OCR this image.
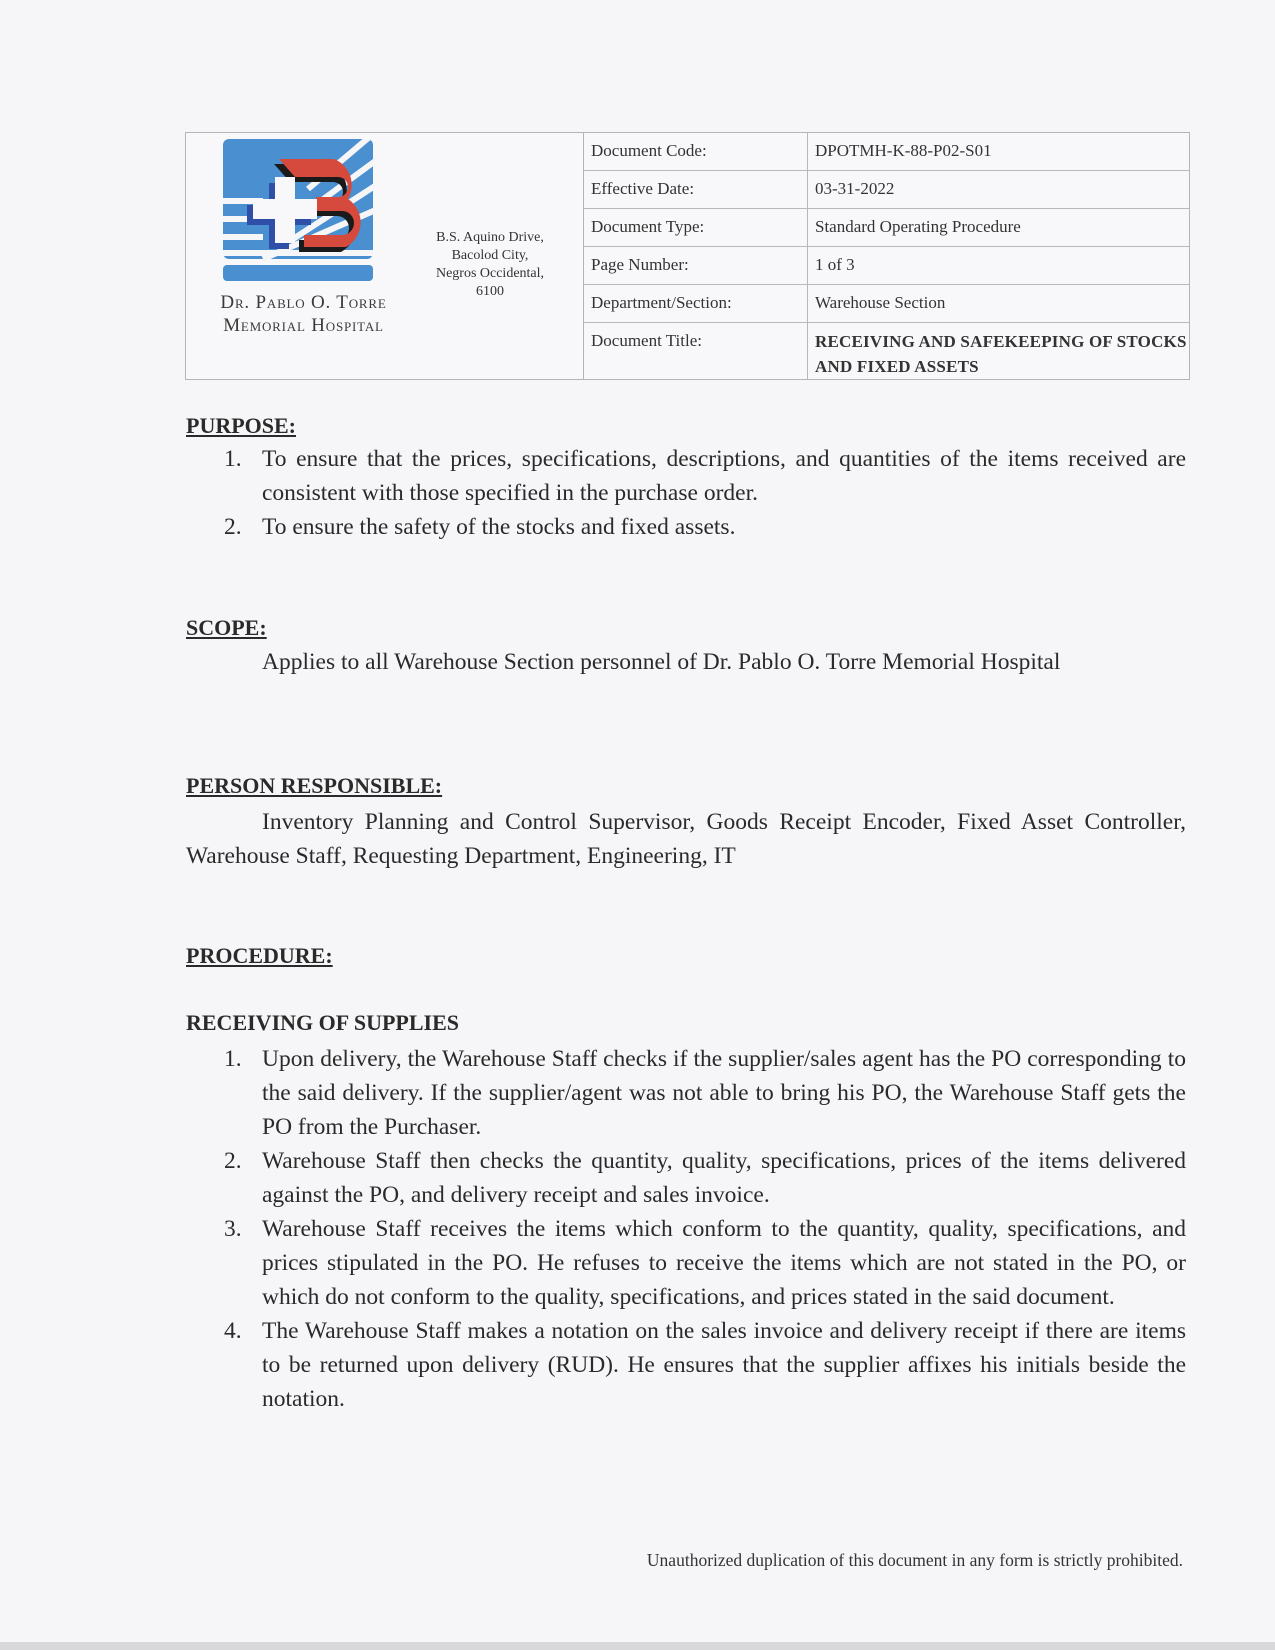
Dr. Pablo O. Torre
Memorial Hospital
B.S. Aquino Drive,
Bacolod City,
Negros Occidental,
6100
Document Code:	DPOTMH-K-88-P02-S01
Effective Date:	03-31-2022
Document Type:	Standard Operating Procedure
Page Number:	1 of 3
Department/Section:	Warehouse Section
Document Title:	RECEIVING AND SAFEKEEPING OF STOCKS AND FIXED ASSETS
PURPOSE:
1. To ensure that the prices, specifications, descriptions, and quantities of the items received are consistent with those specified in the purchase order.
2. To ensure the safety of the stocks and fixed assets.
SCOPE:
Applies to all Warehouse Section personnel of Dr. Pablo O. Torre Memorial Hospital
PERSON RESPONSIBLE:
Inventory Planning and Control Supervisor, Goods Receipt Encoder, Fixed Asset Controller, Warehouse Staff, Requesting Department, Engineering, IT
PROCEDURE:
RECEIVING OF SUPPLIES
1. Upon delivery, the Warehouse Staff checks if the supplier/sales agent has the PO corresponding to the said delivery. If the supplier/agent was not able to bring his PO, the Warehouse Staff gets the PO from the Purchaser.
2. Warehouse Staff then checks the quantity, quality, specifications, prices of the items delivered against the PO, and delivery receipt and sales invoice.
3. Warehouse Staff receives the items which conform to the quantity, quality, specifications, and prices stipulated in the PO. He refuses to receive the items which are not stated in the PO, or which do not conform to the quality, specifications, and prices stated in the said document.
4. The Warehouse Staff makes a notation on the sales invoice and delivery receipt if there are items to be returned upon delivery (RUD). He ensures that the supplier affixes his initials beside the notation.
Unauthorized duplication of this document in any form is strictly prohibited.
